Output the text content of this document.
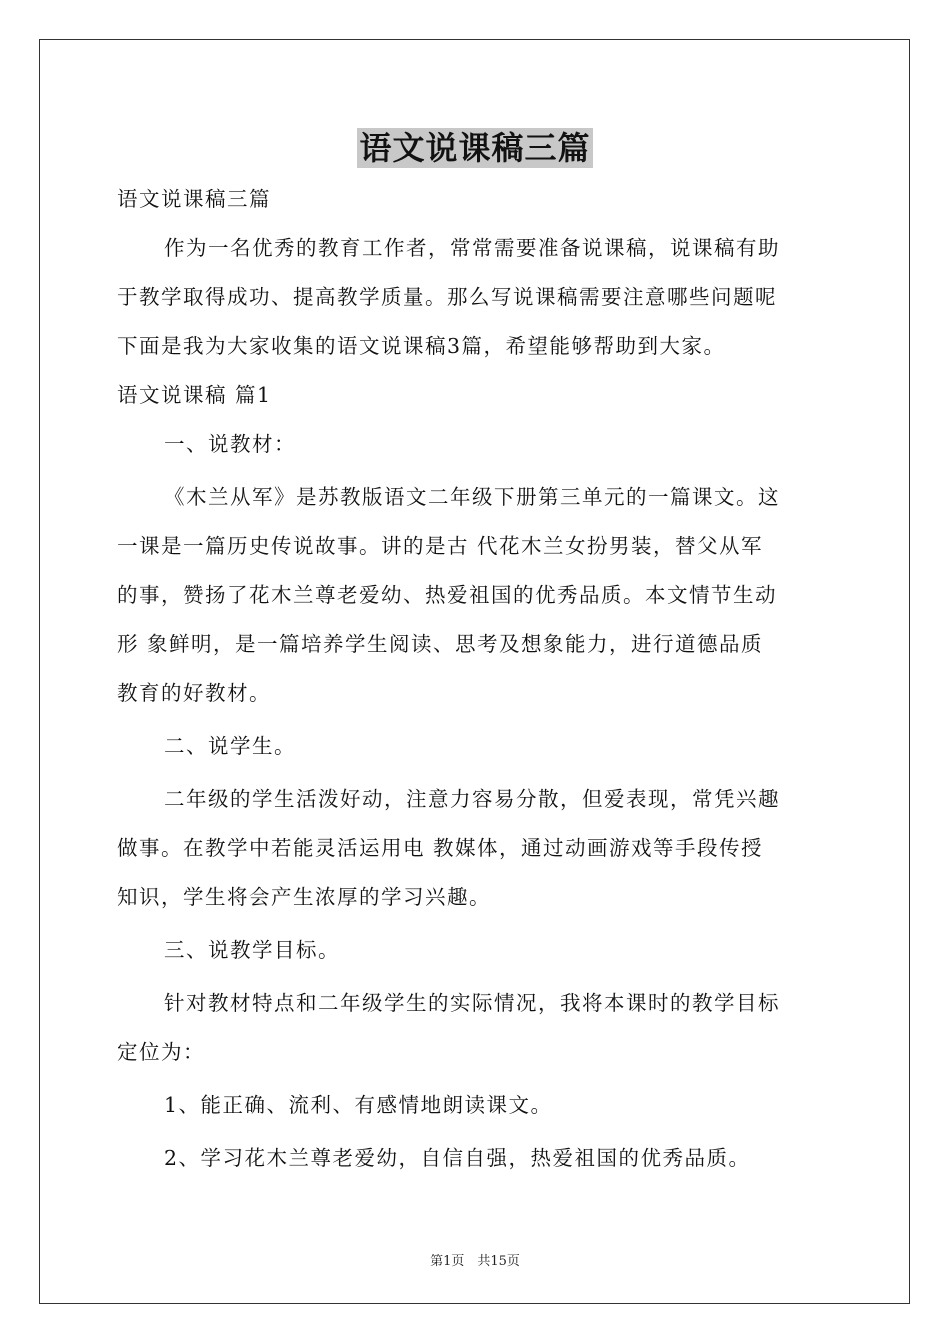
语文说课稿三篇
语文说课稿三篇
作为一名优秀的教育工作者，常常需要准备说课稿，说课稿有助
于教学取得成功、提高教学质量。那么写说课稿需要注意哪些问题呢
下面是我为大家收集的语文说课稿3篇，希望能够帮助到大家。
语文说课稿 篇1
一、说教材：
《木兰从军》是苏教版语文二年级下册第三单元的一篇课文。这
一课是一篇历史传说故事。讲的是古 代花木兰女扮男装，替父从军
的事，赞扬了花木兰尊老爱幼、热爱祖国的优秀品质。本文情节生动
形 象鲜明，是一篇培养学生阅读、思考及想象能力，进行道德品质
教育的好教材。
二、说学生。
二年级的学生活泼好动，注意力容易分散，但爱表现，常凭兴趣
做事。在教学中若能灵活运用电 教媒体，通过动画游戏等手段传授
知识，学生将会产生浓厚的学习兴趣。
三、说教学目标。
针对教材特点和二年级学生的实际情况，我将本课时的教学目标
定位为：
1、能正确、流利、有感情地朗读课文。
2、学习花木兰尊老爱幼，自信自强，热爱祖国的优秀品质。
第1页　共15页
